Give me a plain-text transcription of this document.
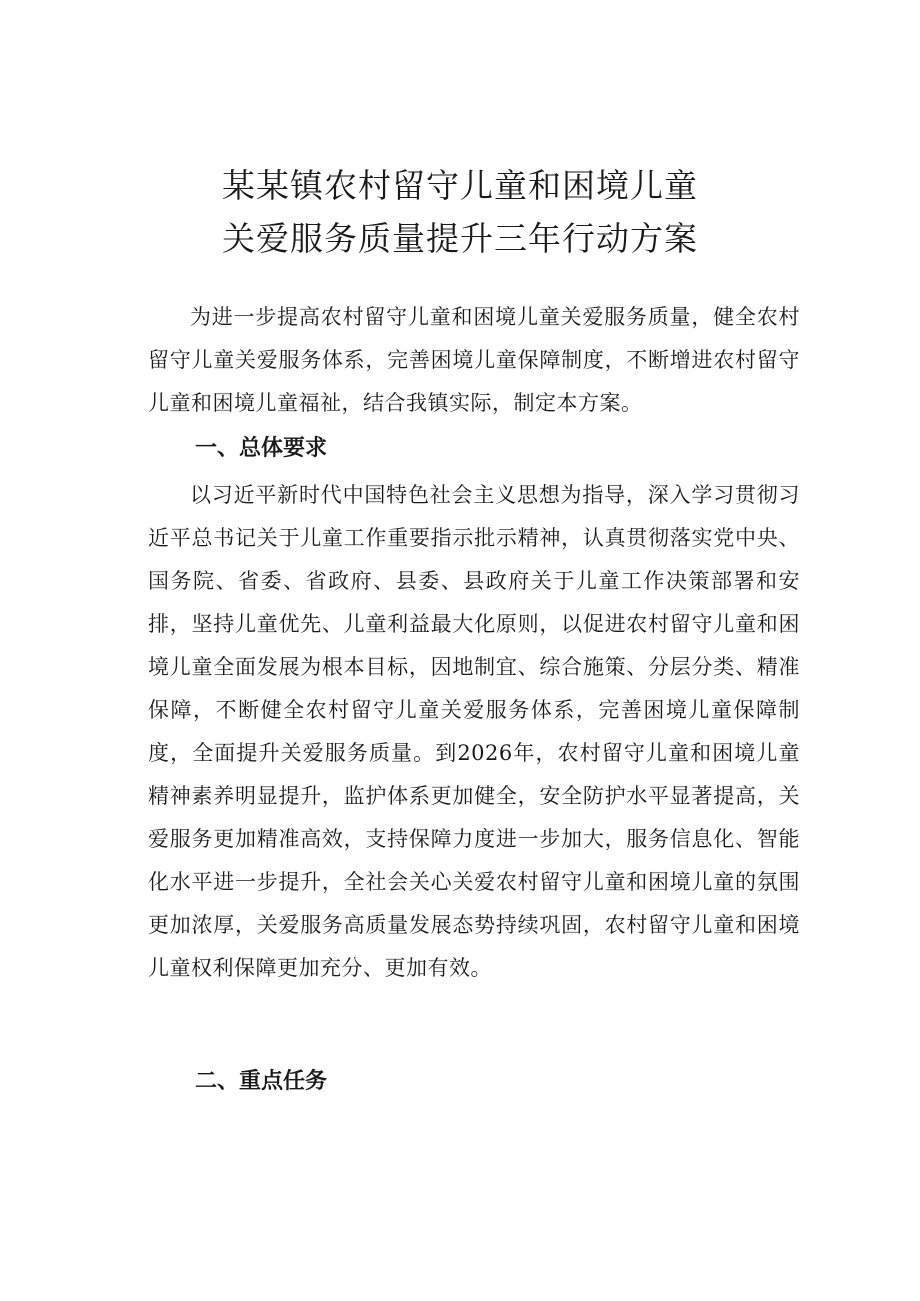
某某镇农村留守儿童和困境儿童
关爱服务质量提升三年行动方案

为进一步提高农村留守儿童和困境儿童关爱服务质量，健全农村留守儿童关爱服务体系，完善困境儿童保障制度，不断增进农村留守儿童和困境儿童福祉，结合我镇实际，制定本方案。

一、总体要求

以习近平新时代中国特色社会主义思想为指导，深入学习贯彻习近平总书记关于儿童工作重要指示批示精神，认真贯彻落实党中央、国务院、省委、省政府、县委、县政府关于儿童工作决策部署和安排，坚持儿童优先、儿童利益最大化原则，以促进农村留守儿童和困境儿童全面发展为根本目标，因地制宜、综合施策、分层分类、精准保障，不断健全农村留守儿童关爱服务体系，完善困境儿童保障制度，全面提升关爱服务质量。到2026年，农村留守儿童和困境儿童精神素养明显提升，监护体系更加健全，安全防护水平显著提高，关爱服务更加精准高效，支持保障力度进一步加大，服务信息化、智能化水平进一步提升，全社会关心关爱农村留守儿童和困境儿童的氛围更加浓厚，关爱服务高质量发展态势持续巩固，农村留守儿童和困境儿童权利保障更加充分、更加有效。

二、重点任务
